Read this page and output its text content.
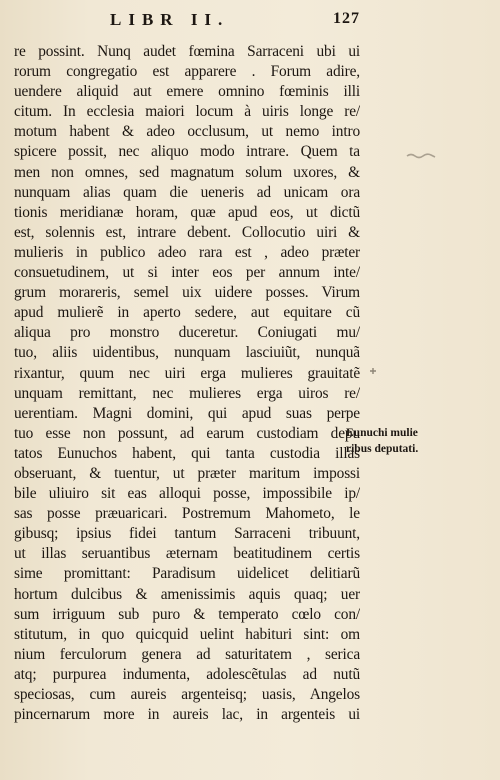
LIBR II.	127
re possint. Nunq audet fœmina Sarraceni ubi ui
rorum congregatio est apparere . Forum adire,
uendere aliquid aut emere omnino fœminis illi
citum. In ecclesia maiori locum à uiris longe re/
motum habent & adeo occlusum, ut nemo intro
spicere possit, nec aliquo modo intrare. Quem ta
men non omnes, sed magnatum solum uxores, &
nunquam alias quam die ueneris ad unicam ora
tionis meridianæ horam, quæ apud eos, ut dictũ
est, solennis est, intrare debent. Collocutio uiri &
mulieris in publico adeo rara est , adeo præter
consuetudinem, ut si inter eos per annum inte/
grum morareris, semel uix uidere posses. Virum
apud mulierẽ in aperto sedere, aut equitare cũ
aliqua pro monstro duceretur. Coniugati mu/
tuo, aliis uidentibus, nunquam lasciuiũt, nunquã
rixantur, quum nec uiri erga mulieres grauitatẽ
unquam remittant, nec mulieres erga uiros re/
uerentiam. Magni domini, qui apud suas perpe
tuo esse non possunt, ad earum custodiam depu
tatos Eunuchos habent, qui tanta custodia illas
obseruant, & tuentur, ut præter maritum impossi
bile uliuiro sit eas alloqui posse, impossibile ip/
sas posse præuaricari. Postremum Mahometo, le
gibusq; ipsius fidei tantum Sarraceni tribuunt,
ut illas seruantibus æternam beatitudinem certis
sime promittant: Paradisum uidelicet delitiarũ
hortum dulcibus & amenissimis aquis quaq; uer
sum irriguum sub puro & temperato cœlo con/
stitutum, in quo quicquid uelint habituri sint: om
nium ferculorum genera ad saturitatem , serica
atq; purpurea indumenta, adolescẽtulas ad nutũ
speciosas, cum aureis argenteisq; uasis, Angelos
pincernarum more in aureis lac, in argenteis ui
Eunuchi mulie
ribus deputati.
